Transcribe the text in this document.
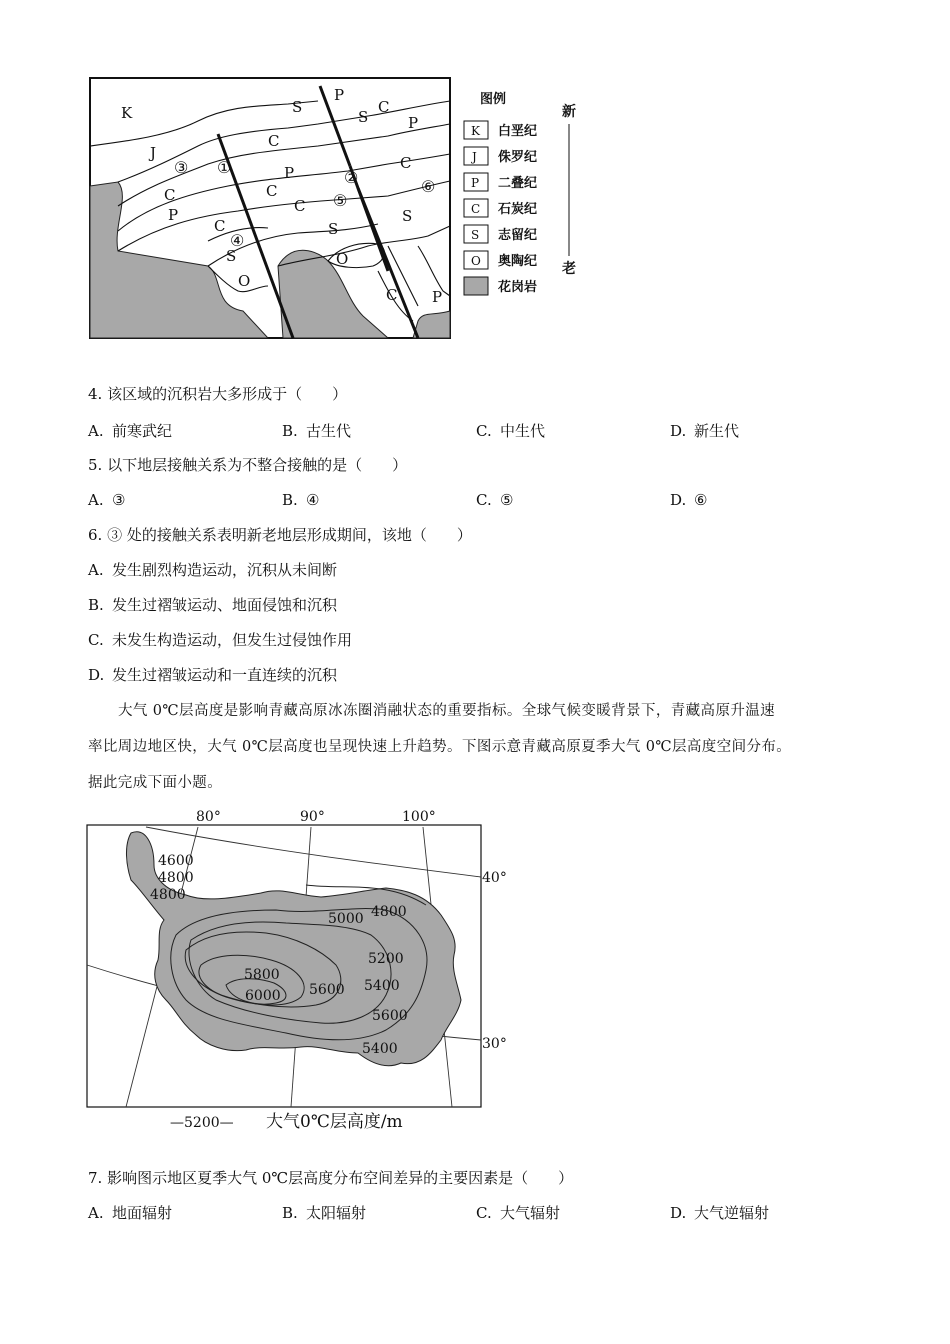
K
J
C
P
C
S
O
S
C
P
C
P
C
S
O
S
C P
C
S
C
P
③ ①
②
⑤
④
⑥
图例
K 白垩纪
J 侏罗纪
P 二叠纪
C 石炭纪
S 志留纪
O 奥陶纪
花岗岩
新
老
4. 该区域的沉积岩大多形成于（　　）
A. 前寒武纪	B. 古生代	C. 中生代	D. 新生代
5. 以下地层接触关系为不整合接触的是（　　）
A. ③	B. ④	C. ⑤	D. ⑥
6. ③ 处的接触关系表明新老地层形成期间，该地（　　）
A. 发生剧烈构造运动，沉积从未间断
B. 发生过褶皱运动、地面侵蚀和沉积
C. 未发生构造运动，但发生过侵蚀作用
D. 发生过褶皱运动和一直连续的沉积
大气 0℃层高度是影响青藏高原冰冻圈消融状态的重要指标。全球气候变暖背景下，青藏高原升温速
率比周边地区快，大气 0℃层高度也呈现快速上升趋势。下图示意青藏高原夏季大气 0℃层高度空间分布。
据此完成下面小题。
4600
4800
4800
4800
5000
5200
5400
5600
5600
5400
5800
6000
80°	90°	100°
40°
30°
—5200— 大气0℃层高度/m
7. 影响图示地区夏季大气 0℃层高度分布空间差异的主要因素是（　　）
A. 地面辐射	B. 太阳辐射	C. 大气辐射	D. 大气逆辐射
